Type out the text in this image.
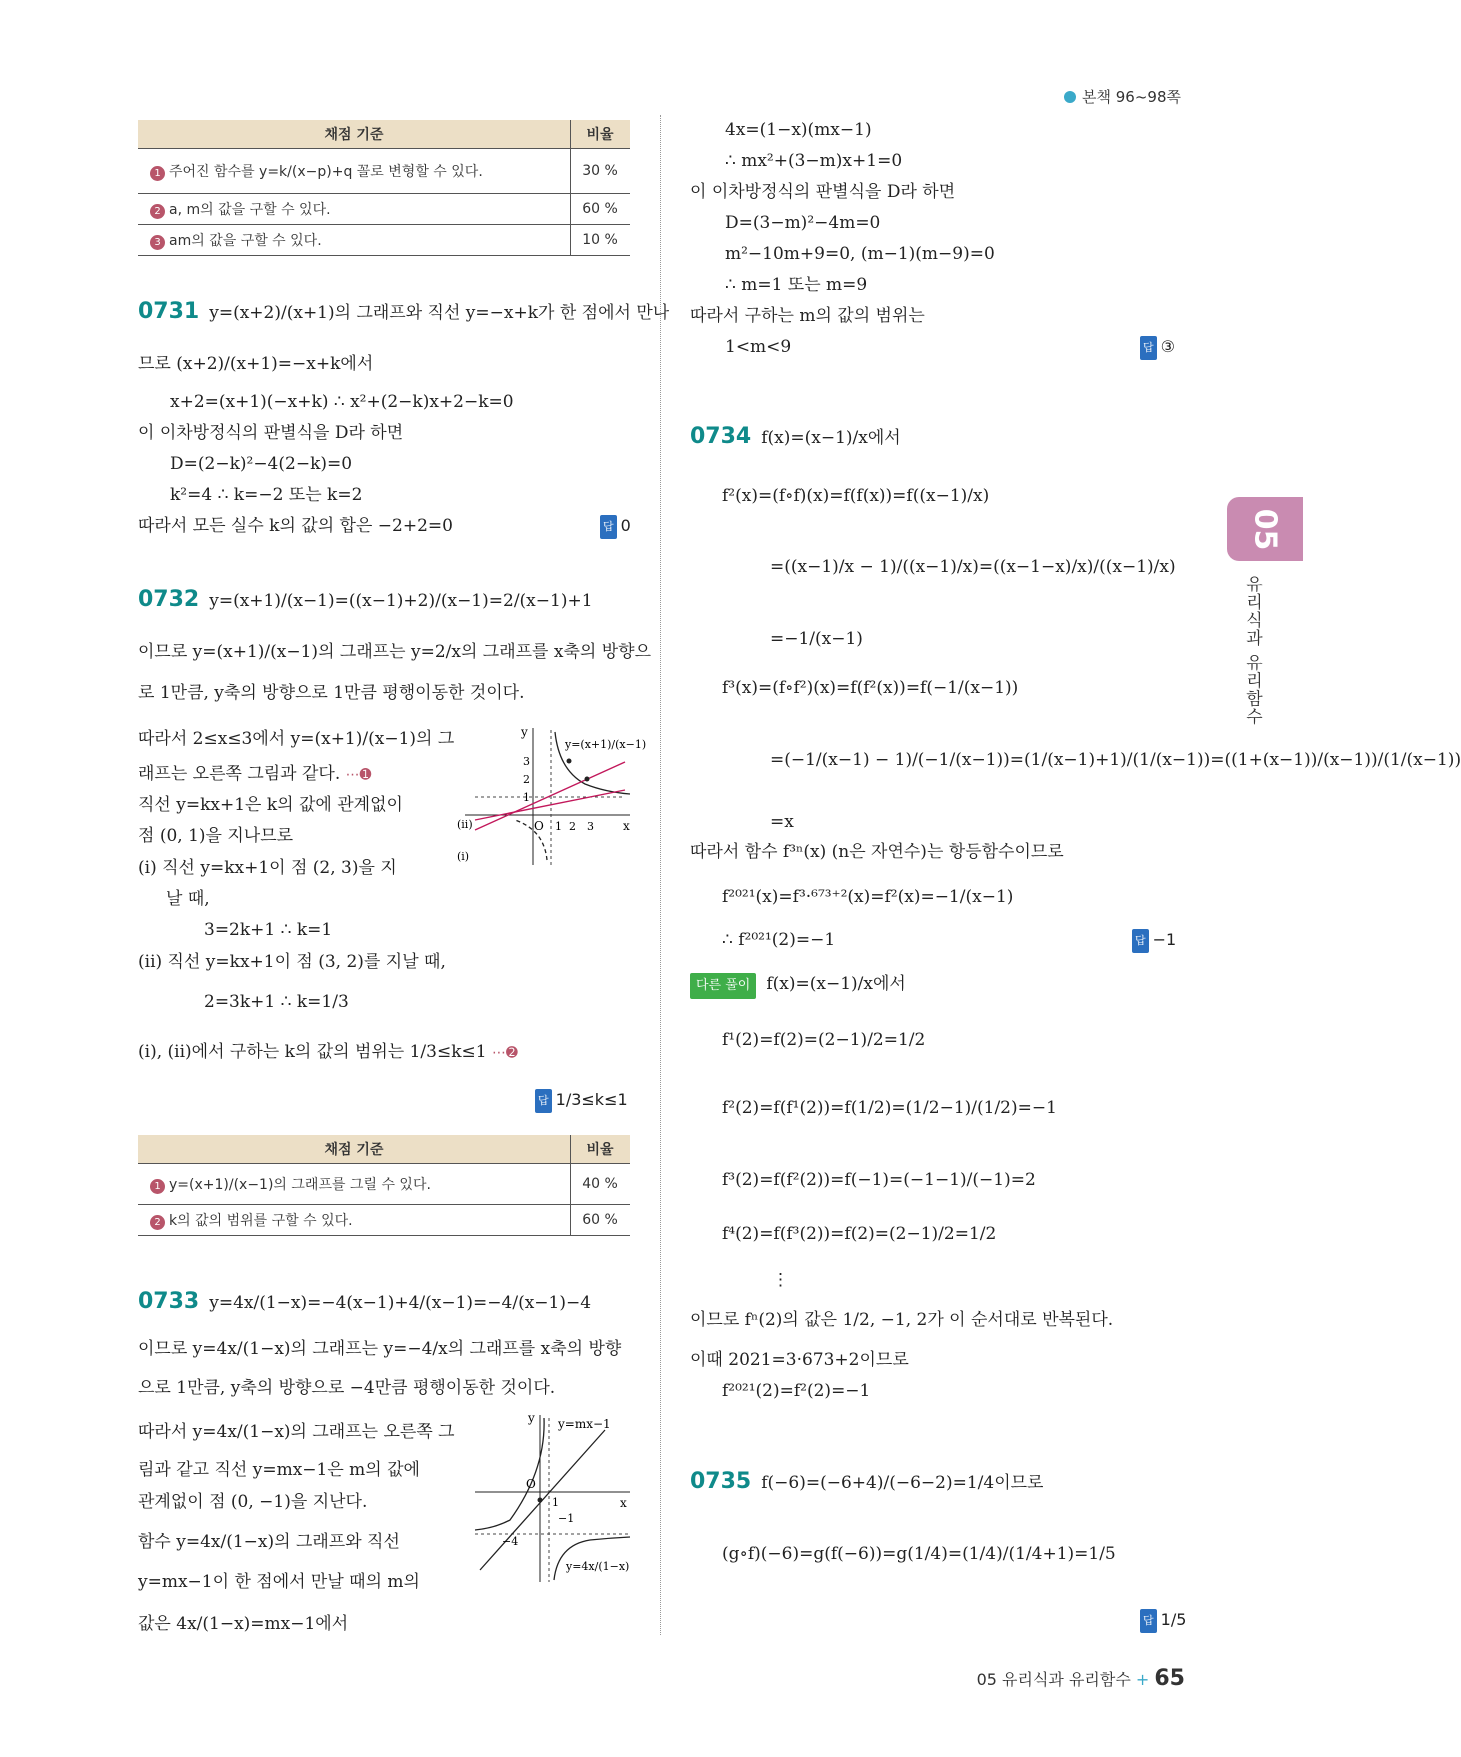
본책 96~98쪽
05
유리식과 유리함수
채점 기준	비율
1 주어진 함수를 y=k/(x−p)+q 꼴로 변형할 수 있다.	30 %
2 a, m의 값을 구할 수 있다.	60 %
3 am의 값을 구할 수 있다.	10 %
0731 y=(x+2)/(x+1)의 그래프와 직선 y=−x+k가 한 점에서 만나
므로 (x+2)/(x+1)=−x+k에서
x+2=(x+1)(−x+k) ∴ x²+(2−k)x+2−k=0
이 이차방정식의 판별식을 D라 하면
D=(2−k)²−4(2−k)=0
k²=4 ∴ k=−2 또는 k=2
따라서 모든 실수 k의 값의 합은 −2+2=0	답 0
0732 y=(x+1)/(x−1)=((x−1)+2)/(x−1)=2/(x−1)+1
이므로 y=(x+1)/(x−1)의 그래프는 y=2/x의 그래프를 x축의 방향으
로 1만큼, y축의 방향으로 1만큼 평행이동한 것이다.
따라서 2≤x≤3에서 y=(x+1)/(x−1)의 그
래프는 오른쪽 그림과 같다. ⋯➊
직선 y=kx+1은 k의 값에 관계없이
점 (0, 1)을 지나므로
(i) 직선 y=kx+1이 점 (2, 3)을 지
날 때,
3=2k+1 ∴ k=1
(ii) 직선 y=kx+1이 점 (3, 2)를 지날 때,
2=3k+1 ∴ k=1/3
(i), (ii)에서 구하는 k의 값의 범위는 1/3≤k≤1 ⋯➋
답 1/3≤k≤1
y
x
O 1 2 3
1
2
3
(ii)
(i)
y=(x+1)/(x−1)
채점 기준	비율
1 y=(x+1)/(x−1)의 그래프를 그릴 수 있다.	40 %
2 k의 값의 범위를 구할 수 있다.	60 %
0733 y=4x/(1−x)=−4(x−1)+4/(x−1)=−4/(x−1)−4
이므로 y=4x/(1−x)의 그래프는 y=−4/x의 그래프를 x축의 방향
으로 1만큼, y축의 방향으로 −4만큼 평행이동한 것이다.
따라서 y=4x/(1−x)의 그래프는 오른쪽 그
림과 같고 직선 y=mx−1은 m의 값에
관계없이 점 (0, −1)을 지난다.
함수 y=4x/(1−x)의 그래프와 직선
y=mx−1이 한 점에서 만날 때의 m의
값은 4x/(1−x)=mx−1에서
y
x
O
1
−1
−4
y=mx−1
y=4x/(1−x)
4x=(1−x)(mx−1)
∴ mx²+(3−m)x+1=0
이 이차방정식의 판별식을 D라 하면
D=(3−m)²−4m=0
m²−10m+9=0, (m−1)(m−9)=0
∴ m=1 또는 m=9
따라서 구하는 m의 값의 범위는
1<m<9	답 ③
0734 f(x)=(x−1)/x에서
f²(x)=(f∘f)(x)=f(f(x))=f((x−1)/x)
=((x−1)/x − 1)/((x−1)/x)=((x−1−x)/x)/((x−1)/x)
=−1/(x−1)
f³(x)=(f∘f²)(x)=f(f²(x))=f(−1/(x−1))
=(−1/(x−1) − 1)/(−1/(x−1))=(1/(x−1)+1)/(1/(x−1))=((1+(x−1))/(x−1))/(1/(x−1))
=x
따라서 함수 f³ⁿ(x) (n은 자연수)는 항등함수이므로
f²⁰²¹(x)=f³·⁶⁷³⁺²(x)=f²(x)=−1/(x−1)
∴ f²⁰²¹(2)=−1	답 −1
다른 풀이 f(x)=(x−1)/x에서
f¹(2)=f(2)=(2−1)/2=1/2
f²(2)=f(f¹(2))=f(1/2)=(1/2−1)/(1/2)=−1
f³(2)=f(f²(2))=f(−1)=(−1−1)/(−1)=2
f⁴(2)=f(f³(2))=f(2)=(2−1)/2=1/2
⋮
이므로 fⁿ(2)의 값은 1/2, −1, 2가 이 순서대로 반복된다.
이때 2021=3·673+2이므로
f²⁰²¹(2)=f²(2)=−1
0735 f(−6)=(−6+4)/(−6−2)=1/4이므로
(g∘f)(−6)=g(f(−6))=g(1/4)=(1/4)/(1/4+1)=1/5
답 1/5
05 유리식과 유리함수 + 65
